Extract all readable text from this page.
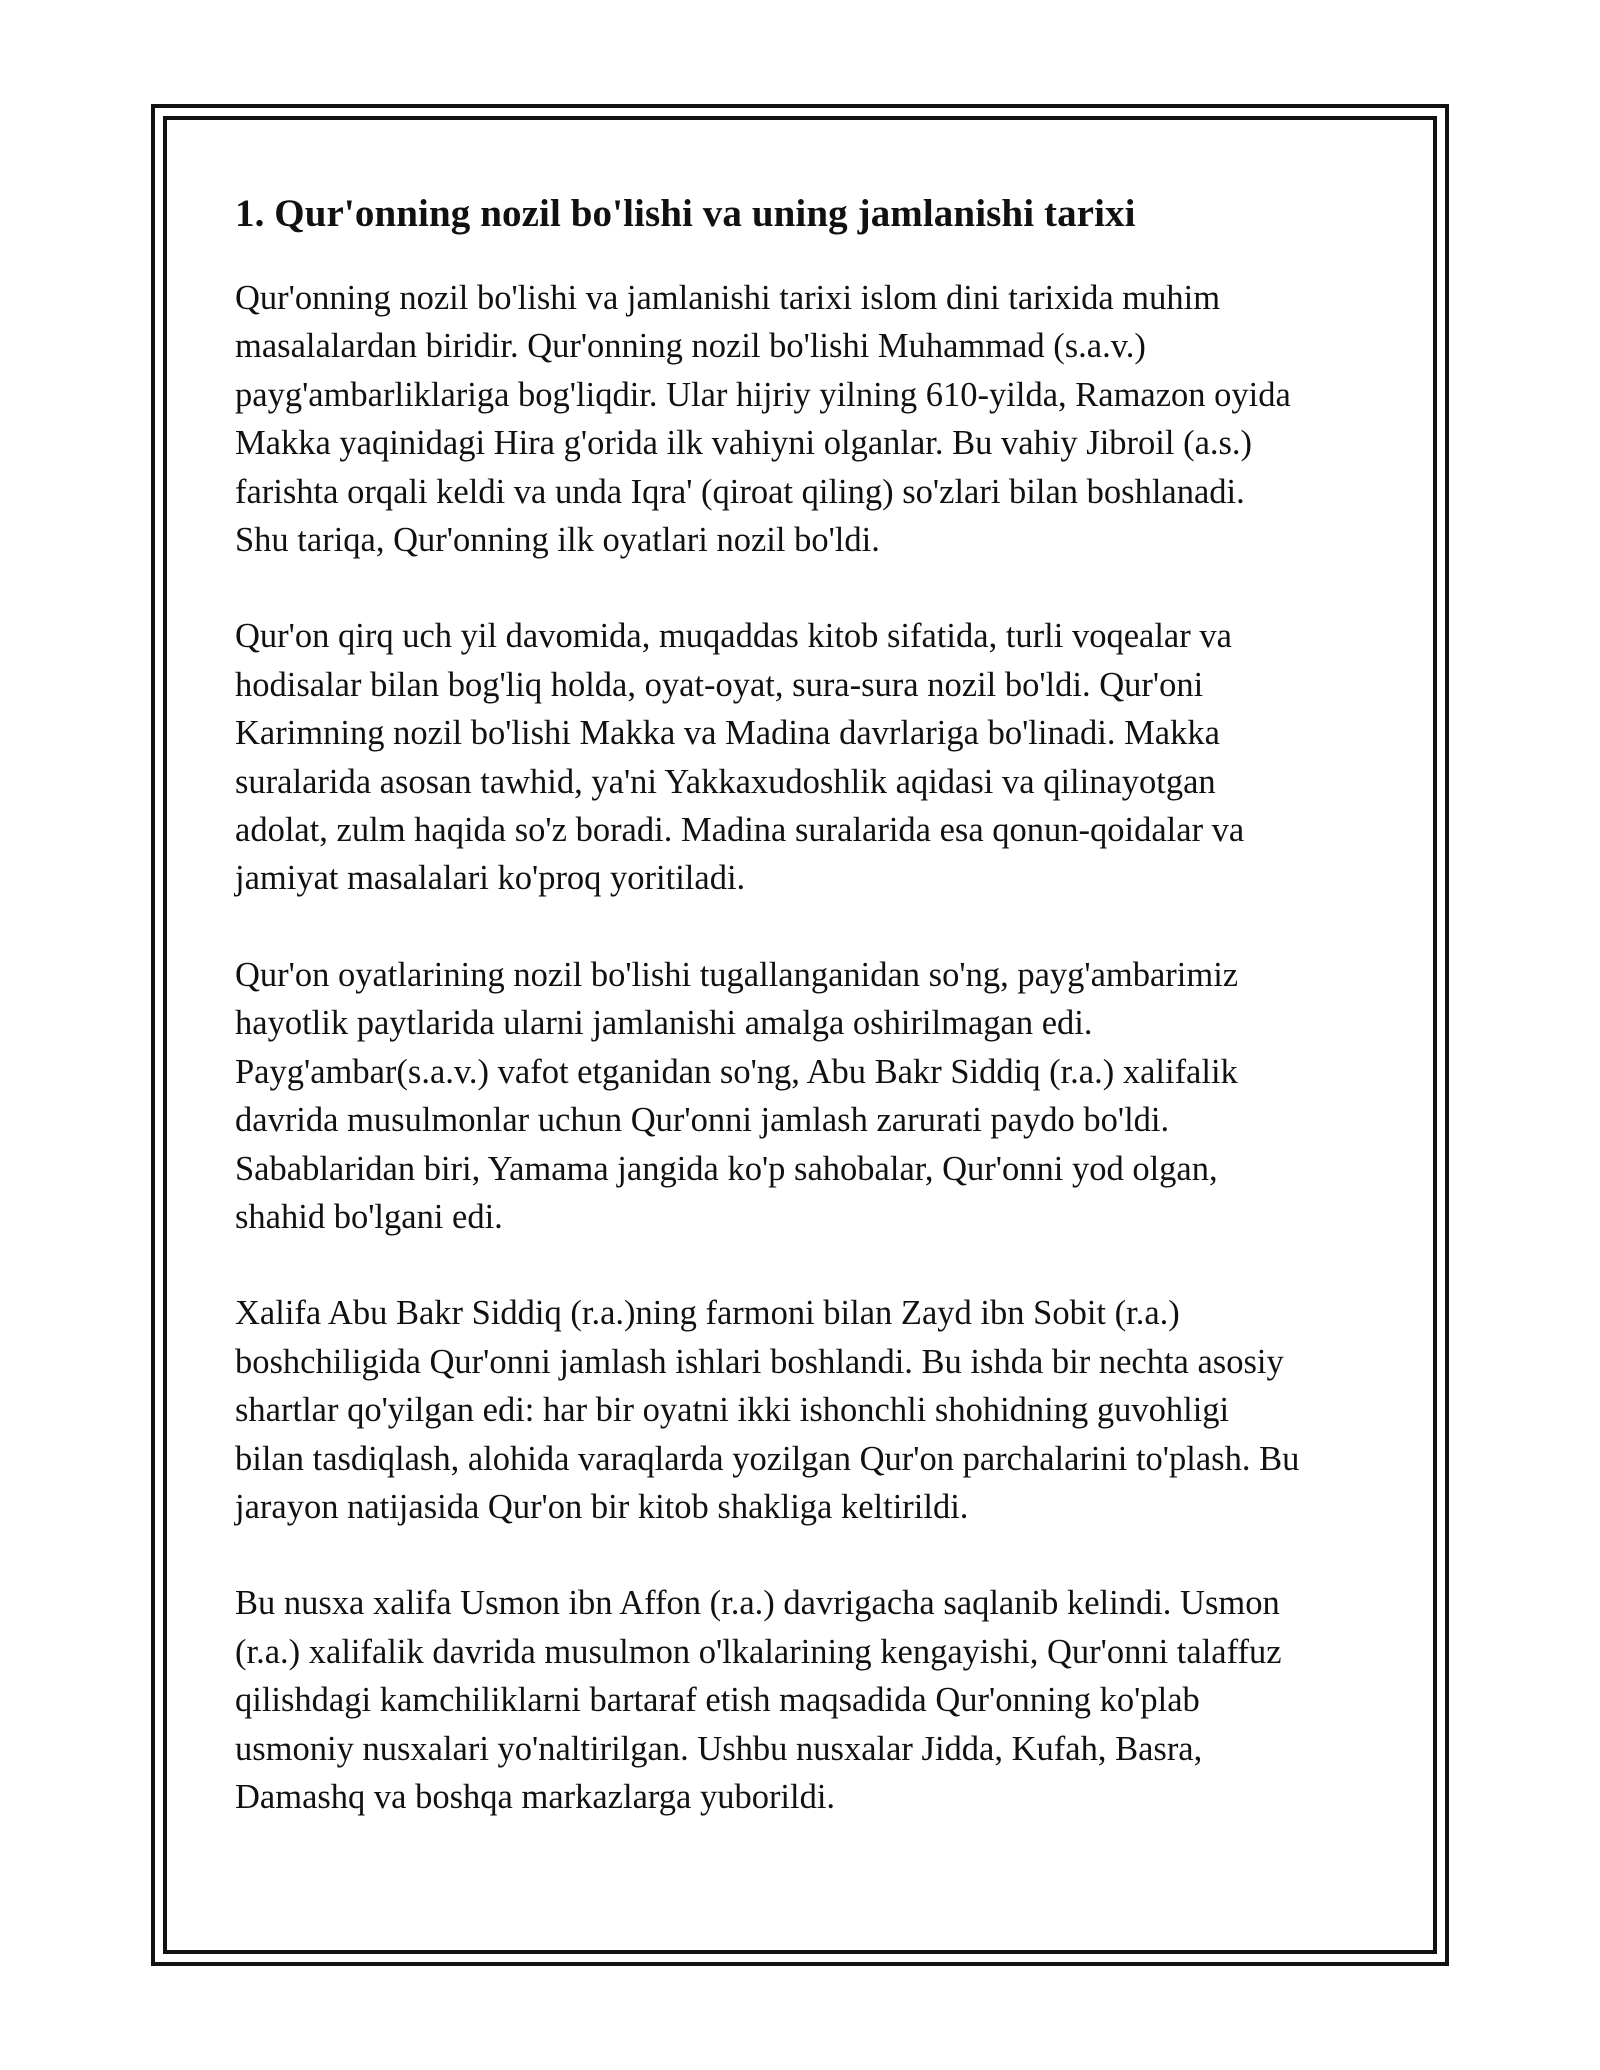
1. Qur'onning nozil bo'lishi va uning jamlanishi tarixi

Qur'onning nozil bo'lishi va jamlanishi tarixi islom dini tarixida muhim
masalalardan biridir. Qur'onning nozil bo'lishi Muhammad (s.a.v.)
payg'ambarliklariga bog'liqdir. Ular hijriy yilning 610-yilda, Ramazon oyida
Makka yaqinidagi Hira g'orida ilk vahiyni olganlar. Bu vahiy Jibroil (a.s.)
farishta orqali keldi va unda Iqra' (qiroat qiling) so'zlari bilan boshlanadi.
Shu tariqa, Qur'onning ilk oyatlari nozil bo'ldi.

Qur'on qirq uch yil davomida, muqaddas kitob sifatida, turli voqealar va
hodisalar bilan bog'liq holda, oyat-oyat, sura-sura nozil bo'ldi. Qur'oni
Karimning nozil bo'lishi Makka va Madina davrlariga bo'linadi. Makka
suralarida asosan tawhid, ya'ni Yakkaxudoshlik aqidasi va qilinayotgan
adolat, zulm haqida so'z boradi. Madina suralarida esa qonun-qoidalar va
jamiyat masalalari ko'proq yoritiladi.

Qur'on oyatlarining nozil bo'lishi tugallanganidan so'ng, payg'ambarimiz
hayotlik paytlarida ularni jamlanishi amalga oshirilmagan edi.
Payg'ambar(s.a.v.) vafot etganidan so'ng, Abu Bakr Siddiq (r.a.) xalifalik
davrida musulmonlar uchun Qur'onni jamlash zarurati paydo bo'ldi.
Sabablaridan biri, Yamama jangida ko'p sahobalar, Qur'onni yod olgan,
shahid bo'lgani edi.

Xalifa Abu Bakr Siddiq (r.a.)ning farmoni bilan Zayd ibn Sobit (r.a.)
boshchiligida Qur'onni jamlash ishlari boshlandi. Bu ishda bir nechta asosiy
shartlar qo'yilgan edi: har bir oyatni ikki ishonchli shohidning guvohligi
bilan tasdiqlash, alohida varaqlarda yozilgan Qur'on parchalarini to'plash. Bu
jarayon natijasida Qur'on bir kitob shakliga keltirildi.

Bu nusxa xalifa Usmon ibn Affon (r.a.) davrigacha saqlanib kelindi. Usmon
(r.a.) xalifalik davrida musulmon o'lkalarining kengayishi, Qur'onni talaffuz
qilishdagi kamchiliklarni bartaraf etish maqsadida Qur'onning ko'plab
usmoniy nusxalari yo'naltirilgan. Ushbu nusxalar Jidda, Kufah, Basra,
Damashq va boshqa markazlarga yuborildi.
